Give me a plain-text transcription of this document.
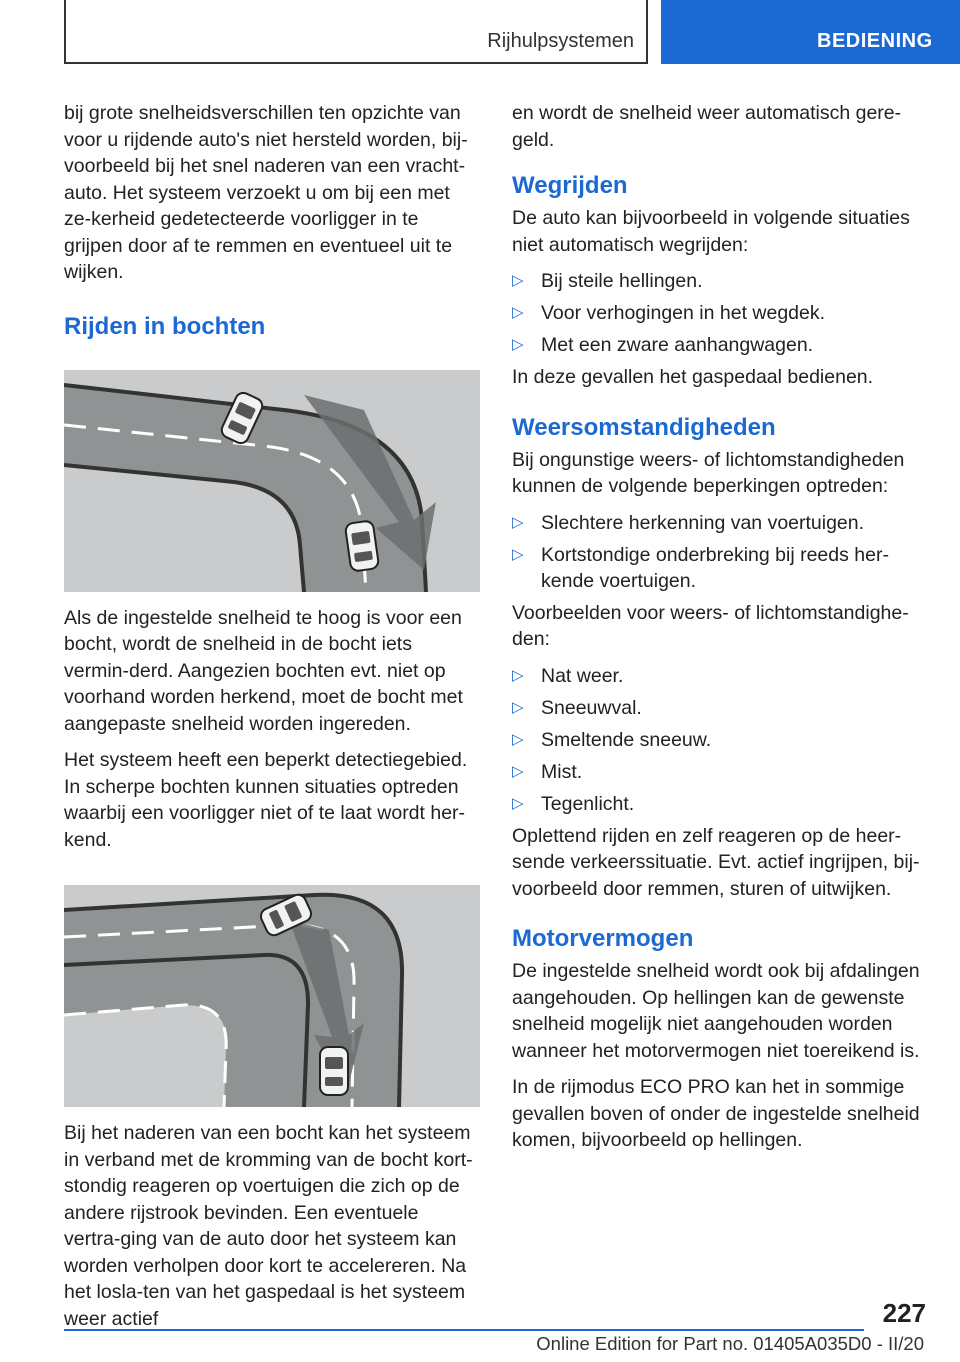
Rijhulpsystemen	BEDIENING

bij grote snelheidsverschillen ten opzichte van voor u rijdende auto's niet hersteld worden, bij-voorbeeld bij het snel naderen van een vracht-auto. Het systeem verzoekt u om bij een met ze-kerheid gedetecteerde voorligger in te grijpen door af te remmen en eventueel uit te wijken.

Rijden in bochten

Als de ingestelde snelheid te hoog is voor een bocht, wordt de snelheid in de bocht iets vermin-derd. Aangezien bochten evt. niet op voorhand worden herkend, moet de bocht met aangepaste snelheid worden ingereden.

Het systeem heeft een beperkt detectiegebied. In scherpe bochten kunnen situaties optreden waarbij een voorligger niet of te laat wordt her-kend.

Bij het naderen van een bocht kan het systeem in verband met de kromming van de bocht kort-stondig reageren op voertuigen die zich op de andere rijstrook bevinden. Een eventuele vertra-ging van de auto door het systeem kan worden verholpen door kort te accelereren. Na het losla-ten van het gaspedaal is het systeem weer actief

en wordt de snelheid weer automatisch gere-geld.

Wegrijden

De auto kan bijvoorbeeld in volgende situaties niet automatisch wegrijden:

▷ Bij steile hellingen.
▷ Voor verhogingen in het wegdek.
▷ Met een zware aanhangwagen.

In deze gevallen het gaspedaal bedienen.

Weersomstandigheden

Bij ongunstige weers- of lichtomstandigheden kunnen de volgende beperkingen optreden:

▷ Slechtere herkenning van voertuigen.
▷ Kortstondige onderbreking bij reeds her-kende voertuigen.

Voorbeelden voor weers- of lichtomstandighe-den:

▷ Nat weer.
▷ Sneeuwval.
▷ Smeltende sneeuw.
▷ Mist.
▷ Tegenlicht.

Oplettend rijden en zelf reageren op de heer-sende verkeerssituatie. Evt. actief ingrijpen, bij-voorbeeld door remmen, sturen of uitwijken.

Motorvermogen

De ingestelde snelheid wordt ook bij afdalingen aangehouden. Op hellingen kan de gewenste snelheid mogelijk niet aangehouden worden wanneer het motorvermogen niet toereikend is.

In de rijmodus ECO PRO kan het in sommige gevallen boven of onder de ingestelde snelheid komen, bijvoorbeeld op hellingen.

227
Online Edition for Part no. 01405A035D0 - II/20
